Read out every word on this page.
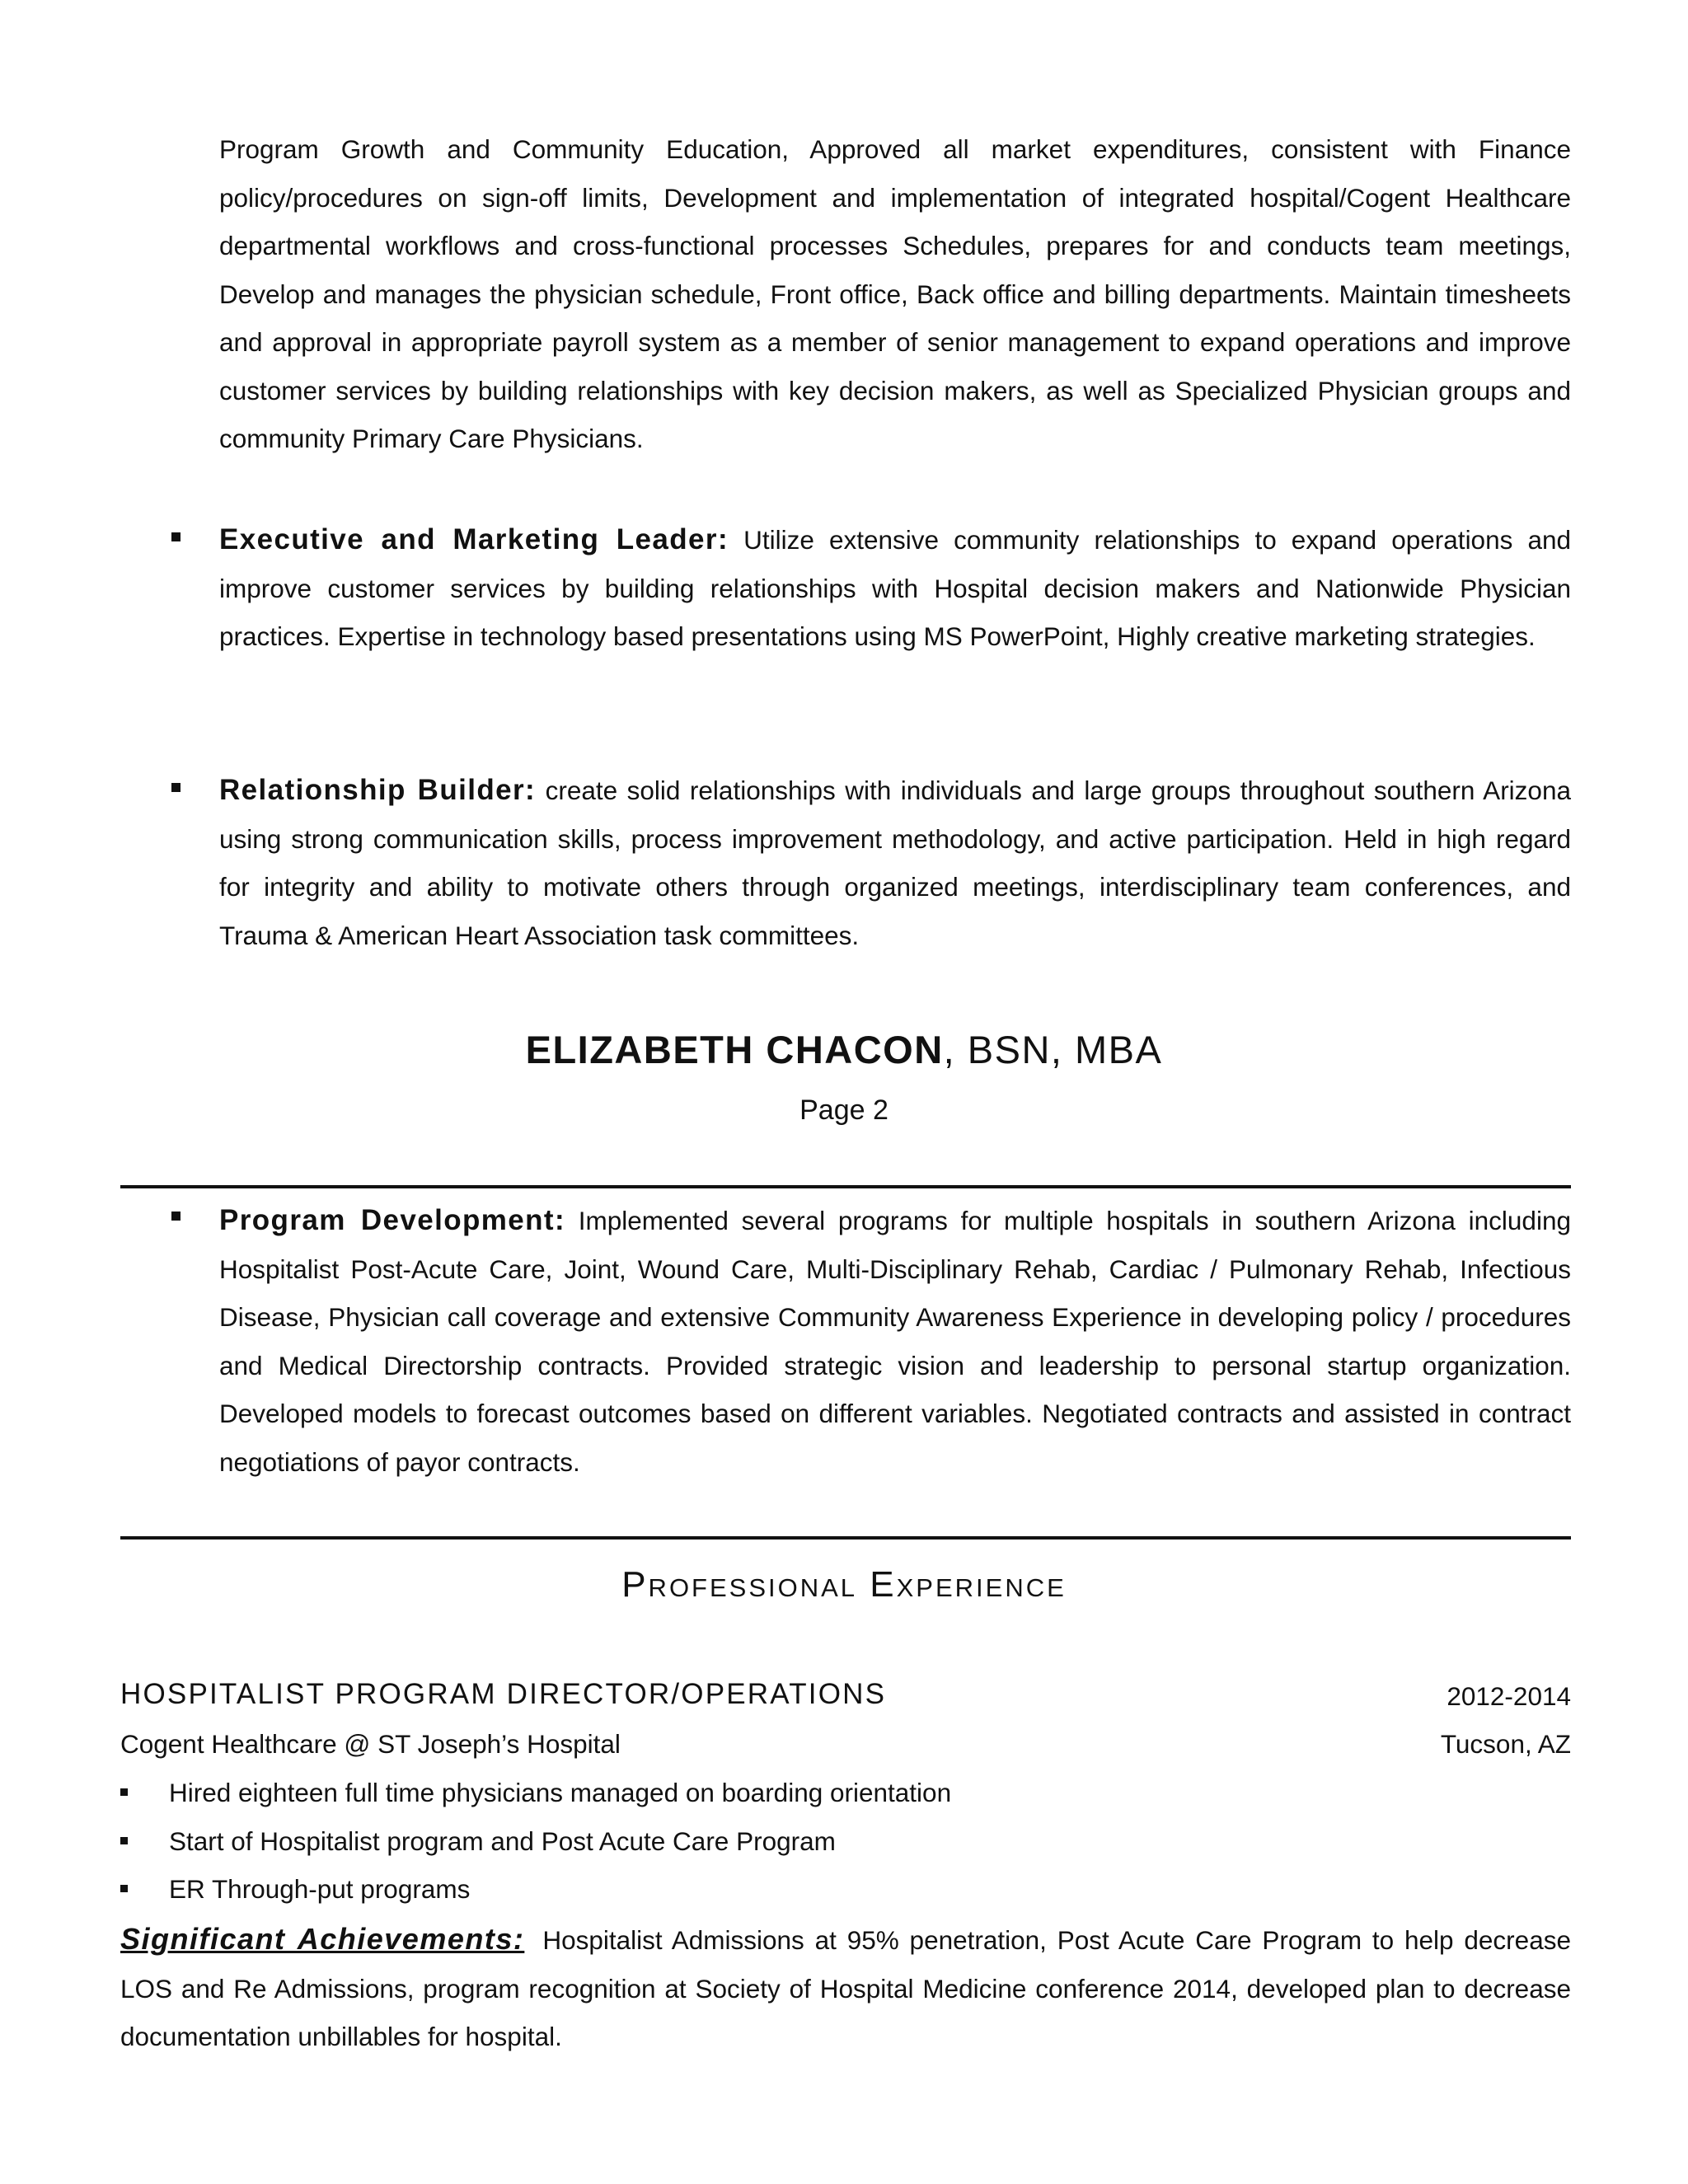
Program Growth and Community Education, Approved all market expenditures, consistent with Finance policy/procedures on sign-off limits, Development and implementation of integrated hospital/Cogent Healthcare departmental workflows and cross-functional processes Schedules, prepares for and conducts team meetings, Develop and manages the physician schedule, Front office, Back office and billing departments. Maintain timesheets and approval in appropriate payroll system as a member of senior management to expand operations and improve customer services by building relationships with key decision makers, as well as Specialized Physician groups and community Primary Care Physicians.
Executive and Marketing Leader: Utilize extensive community relationships to expand operations and improve customer services by building relationships with Hospital decision makers and Nationwide Physician practices. Expertise in technology based presentations using MS PowerPoint, Highly creative marketing strategies.
Relationship Builder: create solid relationships with individuals and large groups throughout southern Arizona using strong communication skills, process improvement methodology, and active participation. Held in high regard for integrity and ability to motivate others through organized meetings, interdisciplinary team conferences, and Trauma & American Heart Association task committees.
ELIZABETH CHACON, BSN, MBA
Page 2
Program Development: Implemented several programs for multiple hospitals in southern Arizona including Hospitalist Post-Acute Care, Joint, Wound Care, Multi-Disciplinary Rehab, Cardiac / Pulmonary Rehab, Infectious Disease, Physician call coverage and extensive Community Awareness Experience in developing policy / procedures and Medical Directorship contracts. Provided strategic vision and leadership to personal startup organization. Developed models to forecast outcomes based on different variables. Negotiated contracts and assisted in contract negotiations of payor contracts.
Professional Experience
HOSPITALIST PROGRAM DIRECTOR/OPERATIONS	2012-2014
Cogent Healthcare @ ST Joseph’s Hospital	Tucson, AZ
Hired eighteen full time physicians managed on boarding orientation
Start of Hospitalist program and Post Acute Care Program
ER Through-put programs
Significant Achievements: Hospitalist Admissions at 95% penetration, Post Acute Care Program to help decrease LOS and Re Admissions, program recognition at Society of Hospital Medicine conference 2014, developed plan to decrease documentation unbillables for hospital.
